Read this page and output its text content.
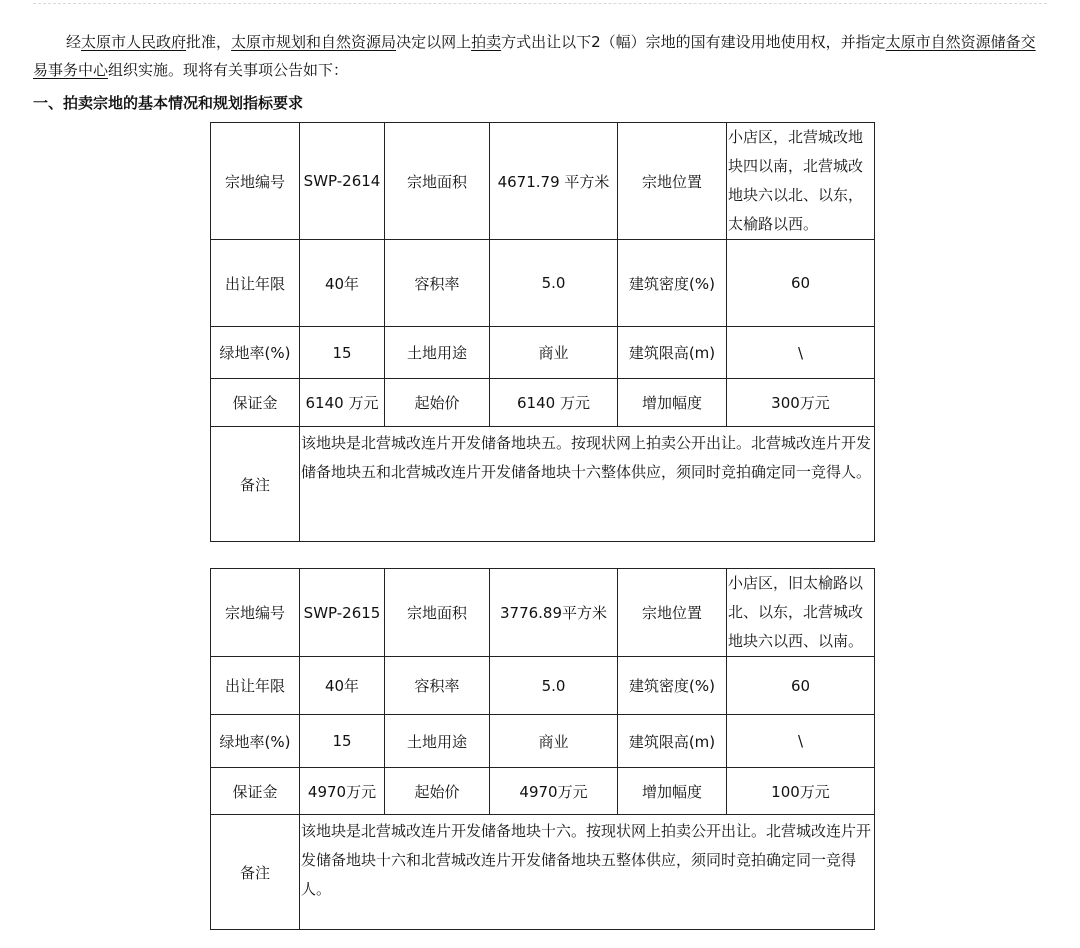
经太原市人民政府批准，太原市规划和自然资源局决定以网上拍卖方式出让以下2（幅）宗地的国有建设用地使用权，并指定太原市自然资源储备交易事务中心组织实施。现将有关事项公告如下：

一、拍卖宗地的基本情况和规划指标要求

宗地编号	SWP-2614	宗地面积	4671.79 平方米	宗地位置	小店区，北营城改地块四以南，北营城改地块六以北、以东，太榆路以西。
出让年限	40年	容积率	5.0	建筑密度(%)	60
绿地率(%)	15	土地用途	商业	建筑限高(m)	\
保证金	6140 万元	起始价	6140 万元	增加幅度	300万元
备注	该地块是北营城改连片开发储备地块五。按现状网上拍卖公开出让。北营城改连片开发储备地块五和北营城改连片开发储备地块十六整体供应，须同时竞拍确定同一竞得人。				
宗地编号	SWP-2615	宗地面积	3776.89平方米	宗地位置	小店区，旧太榆路以北、以东，北营城改地块六以西、以南。
出让年限	40年	容积率	5.0	建筑密度(%)	60
绿地率(%)	15	土地用途	商业	建筑限高(m)	\
保证金	4970万元	起始价	4970万元	增加幅度	100万元
备注	该地块是北营城改连片开发储备地块十六。按现状网上拍卖公开出让。北营城改连片开发储备地块十六和北营城改连片开发储备地块五整体供应，须同时竞拍确定同一竞得人。				
